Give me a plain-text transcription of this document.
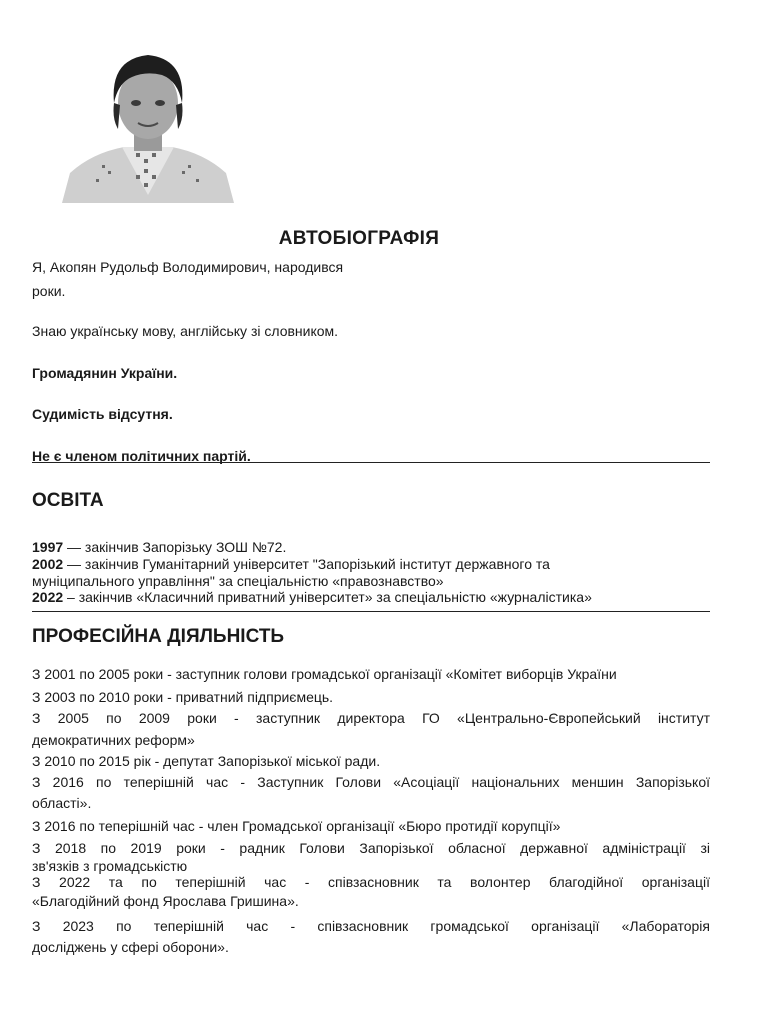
АВТОБІОГРАФІЯ
Я, Акопян Рудольф Володимирович, народився
роки.
Знаю українську мову, англійську зі словником.
Громадянин України.
Судимість відсутня.
Не є членом політичних партій.
ОСВІТА
1997 — закінчив Запорізьку ЗОШ №72.
2002 — закінчив Гуманітарний університет "Запорізький інститут державного та
муніципального управління" за спеціальністю «правознавство»
2022 – закінчив «Класичний приватний університет» за спеціальністю «журналістика»
ПРОФЕСІЙНА ДІЯЛЬНІСТЬ
З 2001 по 2005 роки - заступник голови громадської організації «Комітет виборців України
З 2003 по 2010 роки - приватний підприємець.
З 2005 по 2009 роки - заступник директора ГО «Центрально-Європейський інститут
демократичних реформ»
З 2010 по 2015 рік - депутат Запорізької міської ради.
З 2016 по теперішній час - Заступник Голови «Асоціації національних меншин Запорізької
області».
З 2016 по теперішній час - член Громадської організації «Бюро протидії корупції»
З 2018 по 2019 роки - радник Голови Запорізької обласної державної адміністрації зі
зв'язків з громадськістю
З 2022 та по теперішній час - співзасновник та волонтер благодійної організації
«Благодійний фонд Ярослава Гришина».
З 2023 по теперішній час - співзасновник громадської організації «Лабораторія
досліджень у сфері оборони».
